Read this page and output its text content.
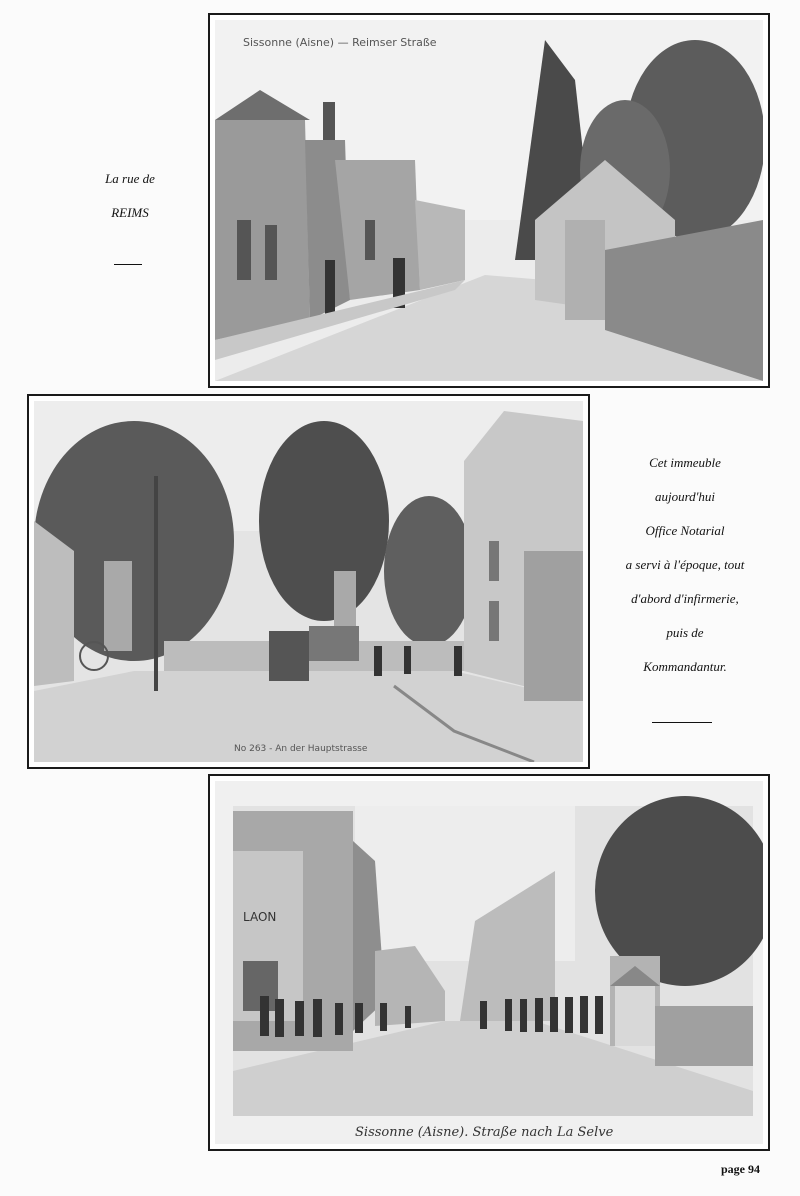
La rue de
REIMS
Sissonne (Aisne) — Reimser Straße
No 263 - An der Hauptstrasse
Cet immeuble
aujourd'hui
Office Notarial
a servi à l'époque, tout
d'abord d'infirmerie,
puis de
Kommandantur.
LAON
Sissonne (Aisne). Straße nach La Selve
page 94
